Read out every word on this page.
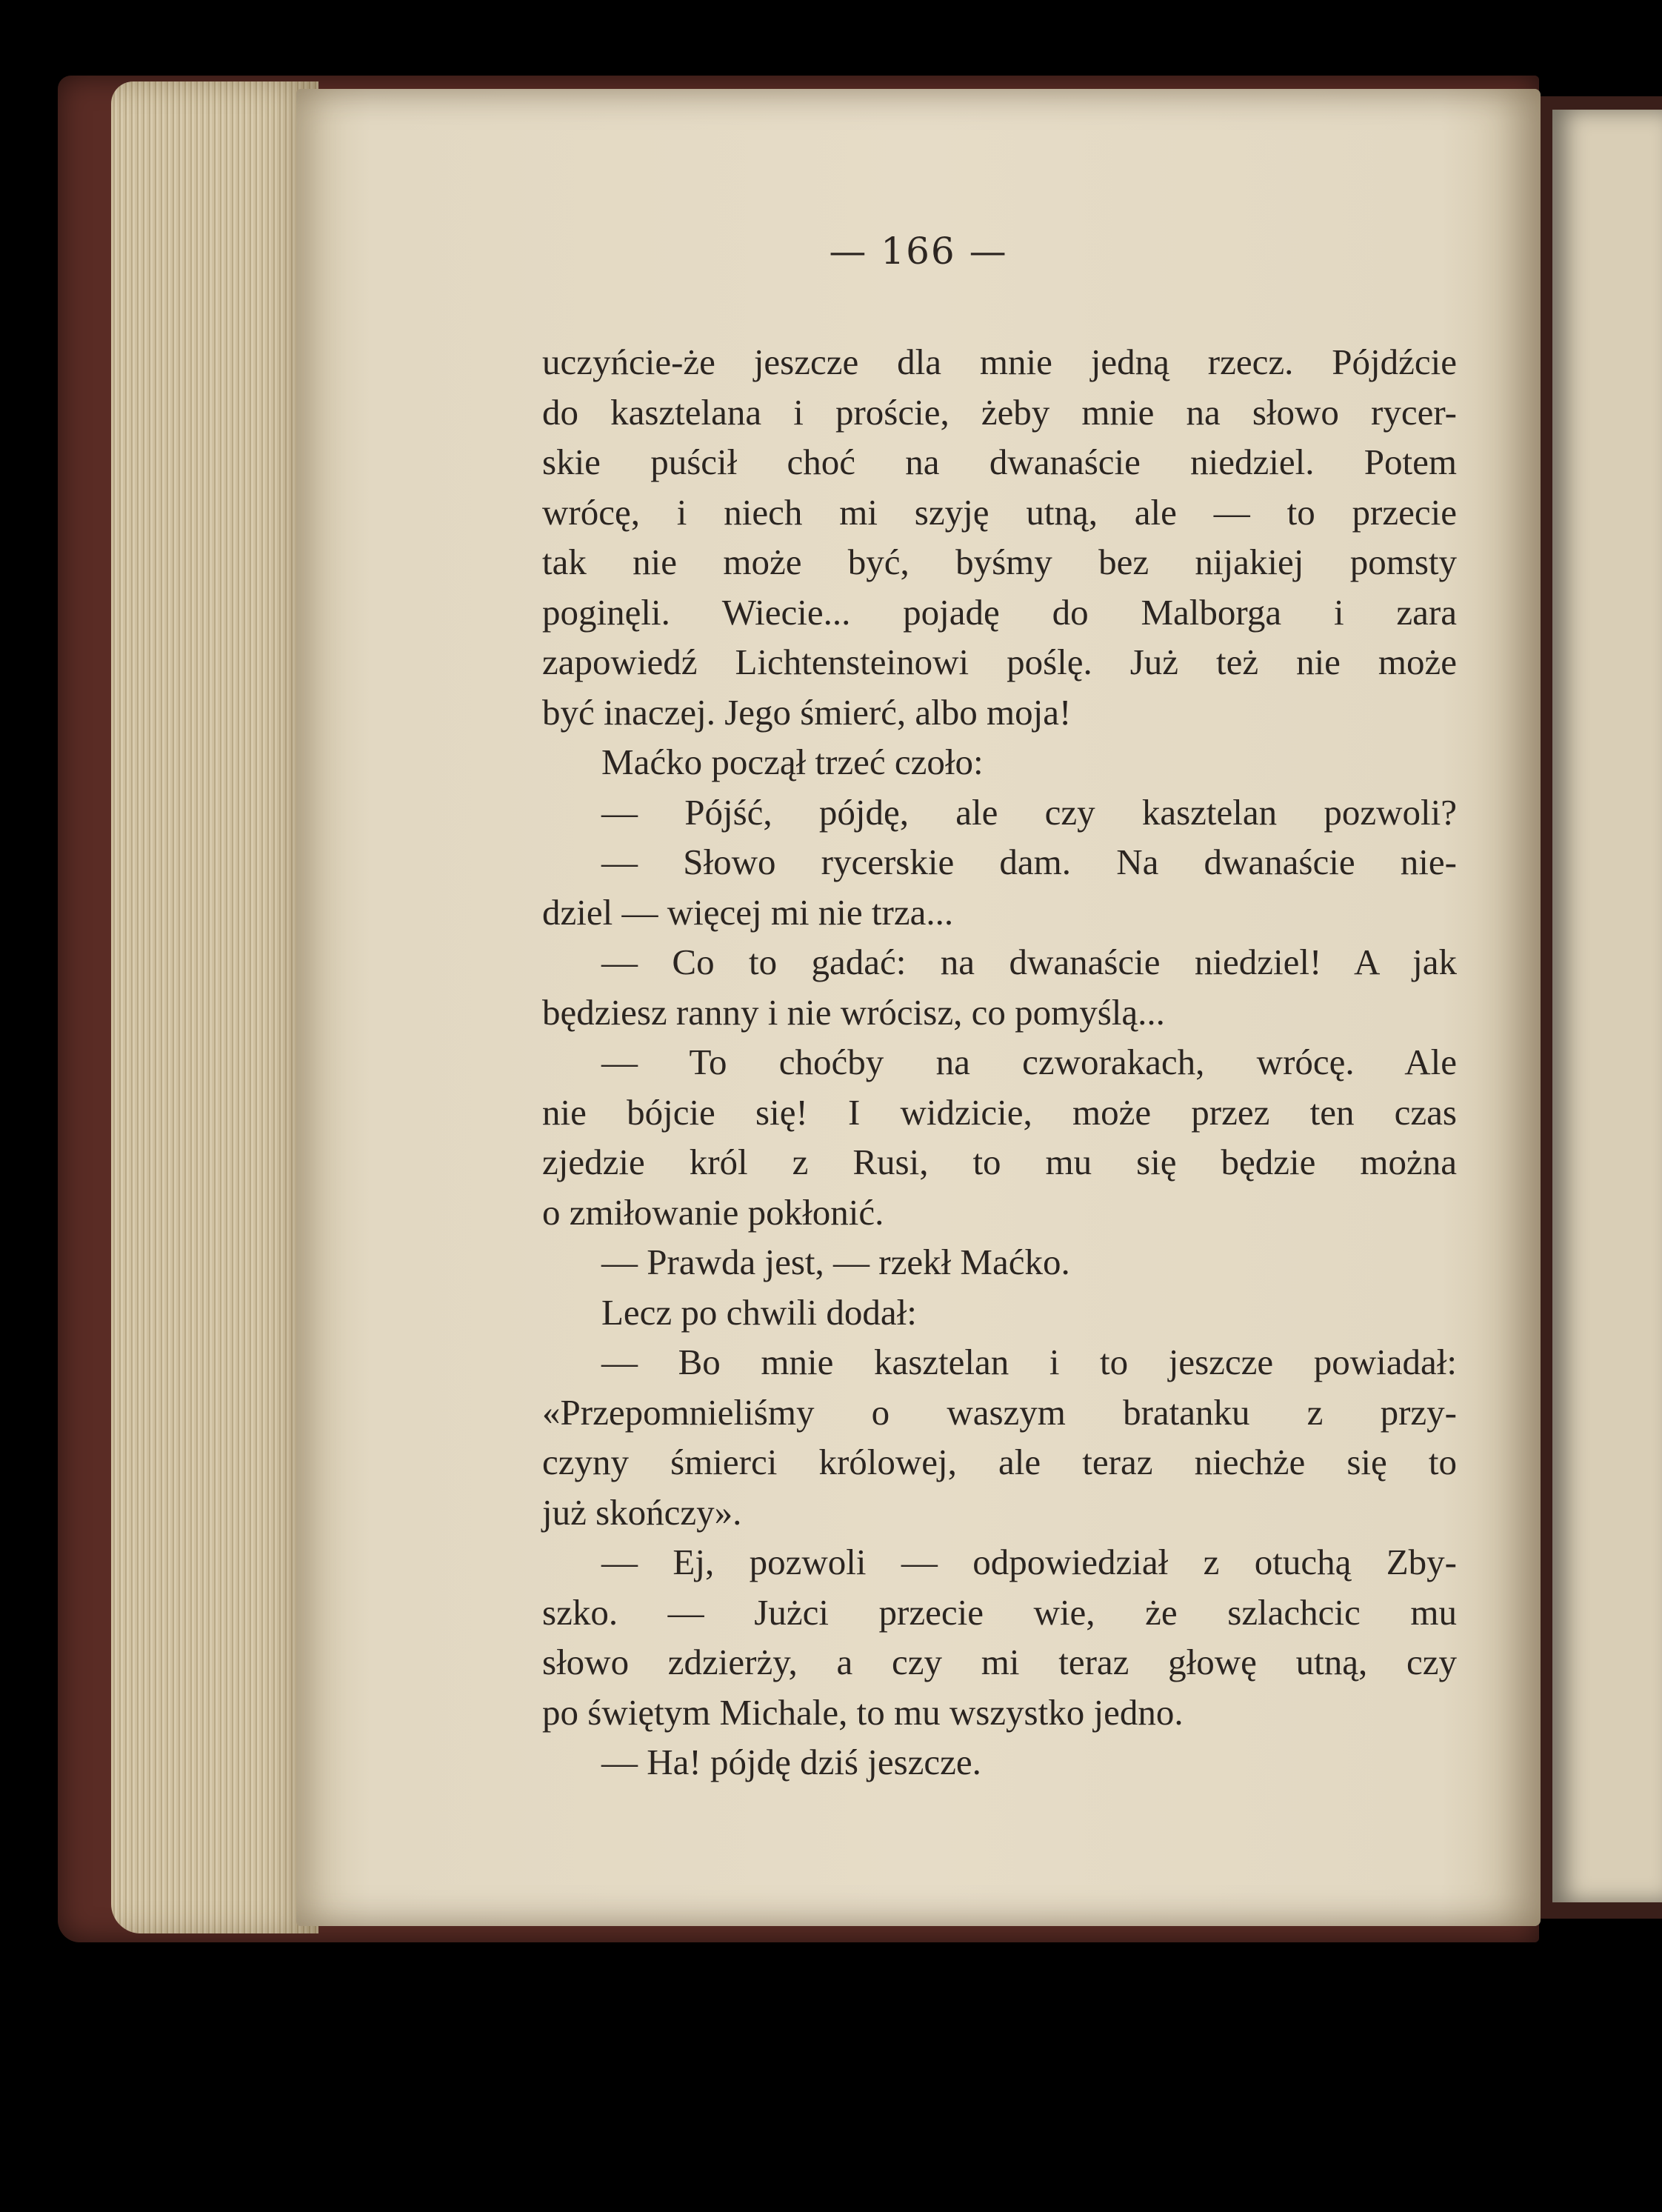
— 166 —
uczyńcie-że jeszcze dla mnie jedną rzecz. Pójdźcie
do kasztelana i proście, żeby mnie na słowo rycer-
skie puścił choć na dwanaście niedziel. Potem
wrócę, i niech mi szyję utną, ale — to przecie
tak nie może być, byśmy bez nijakiej pomsty
poginęli. Wiecie... pojadę do Malborga i zara
zapowiedź Lichtensteinowi poślę. Już też nie może
być inaczej. Jego śmierć, albo moja!
Maćko począł trzeć czoło:
— Pójść, pójdę, ale czy kasztelan pozwoli?
— Słowo rycerskie dam. Na dwanaście nie-
dziel — więcej mi nie trza...
— Co to gadać: na dwanaście niedziel! A jak
będziesz ranny i nie wrócisz, co pomyślą...
— To choćby na czworakach, wrócę. Ale
nie bójcie się! I widzicie, może przez ten czas
zjedzie król z Rusi, to mu się będzie można
o zmiłowanie pokłonić.
— Prawda jest, — rzekł Maćko.
Lecz po chwili dodał:
— Bo mnie kasztelan i to jeszcze powiadał:
«Przepomnieliśmy o waszym bratanku z przy-
czyny śmierci królowej, ale teraz niechże się to
już skończy».
— Ej, pozwoli — odpowiedział z otuchą Zby-
szko. — Jużci przecie wie, że szlachcic mu
słowo zdzierży, a czy mi teraz głowę utną, czy
po świętym Michale, to mu wszystko jedno.
— Ha! pójdę dziś jeszcze.
